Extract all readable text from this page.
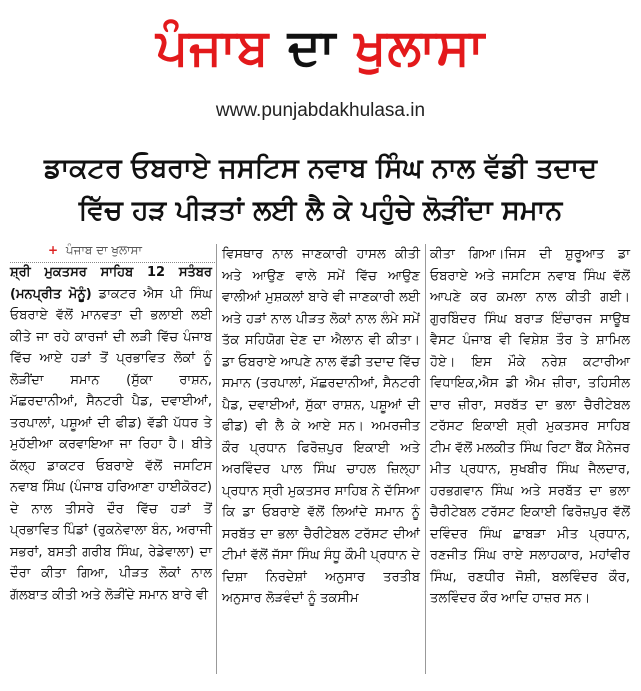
ਪੰਜਾਬ ਦਾ ਖੁਲਾਸਾ
www.punjabdakhulasa.in
ਡਾਕਟਰ ਓਬਰਾਏ ਜਸਟਿਸ ਨਵਾਬ ਸਿੰਘ ਨਾਲ ਵੱਡੀ ਤਦਾਦ
ਵਿੱਚ ਹੜ ਪੀੜਤਾਂ ਲਈ ਲੈ ਕੇ ਪਹੁੰਚੇ ਲੋੜੀਂਦਾ ਸਮਾਨ
+ ਪੰਜਾਬ ਦਾ ਖੁਲਾਸਾ

ਸ਼੍ਰੀ ਮੁਕਤਸਰ ਸਾਹਿਬ 12 ਸਤੰਬਰ (ਮਨਪ੍ਰੀਤ ਮੋਨੂੰ) ਡਾਕਟਰ ਐਸ ਪੀ ਸਿੰਘ ਓਬਰਾਏ ਵੱਲੋਂ ਮਾਨਵਤਾ ਦੀ ਭਲਾਈ ਲਈ ਕੀਤੇ ਜਾ ਰਹੇ ਕਾਰਜਾਂ ਦੀ ਲੜੀ ਵਿੱਚ ਪੰਜਾਬ ਵਿੱਚ ਆਏ ਹੜਾਂ ਤੋਂ ਪ੍ਰਭਾਵਿਤ ਲੋਕਾਂ ਨੂੰ ਲੋੜੀਂਦਾ ਸਮਾਨ (ਸੁੱਕਾ ਰਾਸ਼ਨ, ਮੱਛਰਦਾਨੀਆਂ, ਸੈਨਟਰੀ ਪੈਡ, ਦਵਾਈਆਂ, ਤਰਪਾਲਾਂ, ਪਸ਼ੂਆਂ ਦੀ ਫੀਡ) ਵੱਡੀ ਪੱਧਰ ਤੇ ਮੁਹੱਈਆ ਕਰਵਾਇਆ ਜਾ ਰਿਹਾ ਹੈ। ਬੀਤੇ ਕੱਲ੍ਹ ਡਾਕਟਰ ਓਬਰਾਏ ਵੱਲੋਂ ਜਸਟਿਸ ਨਵਾਬ ਸਿੰਘ (ਪੰਜਾਬ ਹਰਿਆਣਾ ਹਾਈਕੋਰਟ) ਦੇ ਨਾਲ ਤੀਸਰੇ ਦੌਰ ਵਿੱਚ ਹੜਾਂ ਤੋਂ ਪ੍ਰਭਾਵਿਤ ਪਿੰਡਾਂ (ਰੁਕਨੇਵਾਲਾ ਬੰਨ, ਅਰਾਜੀ ਸਭਰਾਂ, ਬਸਤੀ ਗਰੀਬ ਸਿੰਘ, ਰੇਡੇਵਾਲਾ) ਦਾ ਦੌਰਾ ਕੀਤਾ ਗਿਆ, ਪੀੜਤ ਲੋਕਾਂ ਨਾਲ ਗੱਲਬਾਤ ਕੀਤੀ ਅਤੇ ਲੋੜੀਂਦੇ ਸਮਾਨ ਬਾਰੇ ਵੀ

ਵਿਸਥਾਰ ਨਾਲ ਜਾਣਕਾਰੀ ਹਾਸਲ ਕੀਤੀ ਅਤੇ ਆਉਣ ਵਾਲੇ ਸਮੇਂ ਵਿੱਚ ਆਉਣ ਵਾਲੀਆਂ ਮੁਸ਼ਕਲਾਂ ਬਾਰੇ ਵੀ ਜਾਣਕਾਰੀ ਲਈ ਅਤੇ ਹੜਾਂ ਨਾਲ ਪੀੜਤ ਲੋਕਾਂ ਨਾਲ ਲੰਮੇ ਸਮੇਂ ਤੱਕ ਸਹਿਯੋਗ ਦੇਣ ਦਾ ਐਲਾਨ ਵੀ ਕੀਤਾ। ਡਾ ਓਬਰਾਏ ਆਪਣੇ ਨਾਲ ਵੱਡੀ ਤਦਾਦ ਵਿੱਚ ਸਮਾਨ (ਤਰਪਾਲਾਂ, ਮੱਛਰਦਾਨੀਆਂ, ਸੈਨਟਰੀ ਪੈਡ, ਦਵਾਈਆਂ, ਸੁੱਕਾ ਰਾਸ਼ਨ, ਪਸ਼ੂਆਂ ਦੀ ਫੀਡ) ਵੀ ਲੈ ਕੇ ਆਏ ਸਨ। ਅਮਰਜੀਤ ਕੌਰ ਪ੍ਰਧਾਨ ਫਿਰੋਜ਼ਪੁਰ ਇਕਾਈ ਅਤੇ ਅਰਵਿੰਦਰ ਪਾਲ ਸਿੰਘ ਚਾਹਲ ਜ਼ਿਲ੍ਹਾ ਪ੍ਰਧਾਨ ਸ੍ਰੀ ਮੁਕਤਸਰ ਸਾਹਿਬ ਨੇ ਦੱਸਿਆ ਕਿ ਡਾ ਓਬਰਾਏ ਵੱਲੋਂ ਲਿਆਂਦੇ ਸਮਾਨ ਨੂੰ ਸਰਬੱਤ ਦਾ ਭਲਾ ਚੈਰੀਟੇਬਲ ਟਰੱਸਟ ਦੀਆਂ ਟੀਮਾਂ ਵੱਲੋਂ ਜੱਸਾ ਸਿੰਘ ਸੰਧੂ ਕੌਮੀ ਪ੍ਰਧਾਨ ਦੇ ਦਿਸ਼ਾ ਨਿਰਦੇਸ਼ਾਂ ਅਨੁਸਾਰ ਤਰਤੀਬ ਅਨੁਸਾਰ ਲੋੜਵੰਦਾਂ ਨੂੰ ਤਕਸੀਮ

ਕੀਤਾ ਗਿਆ।ਜਿਸ ਦੀ ਸ਼ੁਰੂਆਤ ਡਾ ਓਬਰਾਏ ਅਤੇ ਜਸਟਿਸ ਨਵਾਬ ਸਿੰਘ ਵੱਲੋਂ ਆਪਣੇ ਕਰ ਕਮਲਾ ਨਾਲ ਕੀਤੀ ਗਈ। ਗੁਰਬਿੰਦਰ ਸਿੰਘ ਬਰਾੜ ਇੰਚਾਰਜ ਸਾਊਥ ਵੈਸਟ ਪੰਜਾਬ ਵੀ ਵਿਸ਼ੇਸ਼ ਤੌਰ ਤੇ ਸ਼ਾਮਿਲ ਹੋਏ। ਇਸ ਮੌਕੇ ਨਰੇਸ਼ ਕਟਾਰੀਆ ਵਿਧਾਇਕ,ਐਸ ਡੀ ਐਮ ਜ਼ੀਰਾ, ਤਹਿਸੀਲ ਦਾਰ ਜ਼ੀਰਾ, ਸਰਬੱਤ ਦਾ ਭਲਾ ਚੈਰੀਟੇਬਲ ਟਰੱਸਟ ਇਕਾਈ ਸ਼੍ਰੀ ਮੁਕਤਸਰ ਸਾਹਿਬ ਟੀਮ ਵੱਲੋਂ ਮਲਕੀਤ ਸਿੰਘ ਰਿਟਾ ਬੈਂਕ ਮੈਨੇਜਰ ਮੀਤ ਪ੍ਰਧਾਨ, ਸੁਖਬੀਰ ਸਿੰਘ ਜੈਲਦਾਰ, ਹਰਭਗਵਾਨ ਸਿੰਘ ਅਤੇ ਸਰਬੱਤ ਦਾ ਭਲਾ ਚੈਰੀਟੇਬਲ ਟਰੱਸਟ ਇਕਾਈ ਫਿਰੋਜ਼ਪੁਰ ਵੱਲੋਂ ਦਵਿੰਦਰ ਸਿੰਘ ਛਾਬੜਾ ਮੀਤ ਪ੍ਰਧਾਨ, ਰਣਜੀਤ ਸਿੰਘ ਰਾਏ ਸਲਾਹਕਾਰ, ਮਹਾਂਵੀਰ ਸਿੰਘ, ਰਣਧੀਰ ਜੋਸ਼ੀ, ਬਲਵਿੰਦਰ ਕੌਰ, ਤਲਵਿੰਦਰ ਕੌਰ ਆਦਿ ਹਾਜ਼ਰ ਸਨ।
